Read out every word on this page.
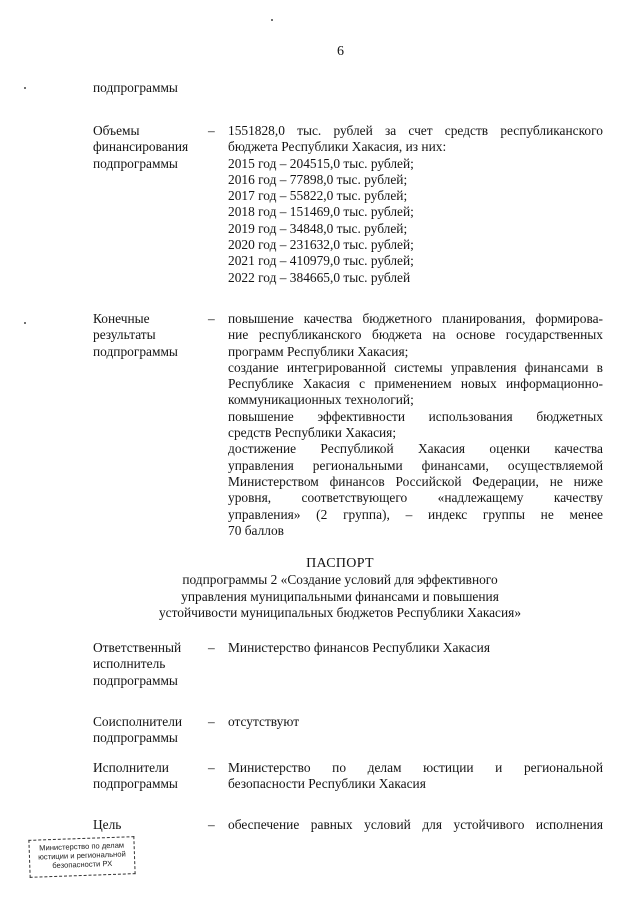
6
подпрограммы
Объемы
финансирования
подпрограммы
– 1551828,0 тыс. рублей за счет средств республиканского
бюджета Республики Хакасия, из них:
2015 год – 204515,0 тыс. рублей;
2016 год – 77898,0 тыс. рублей;
2017 год – 55822,0 тыс. рублей;
2018 год – 151469,0 тыс. рублей;
2019 год – 34848,0 тыс. рублей;
2020 год – 231632,0 тыс. рублей;
2021 год – 410979,0 тыс. рублей;
2022 год – 384665,0 тыс. рублей
Конечные
результаты
подпрограммы
– повышение качества бюджетного планирования, формирова-
ние республиканского бюджета на основе государственных
программ Республики Хакасия;
создание интегрированной системы управления финансами в
Республике Хакасия с применением новых информационно-
коммуникационных технологий;
повышение эффективности использования бюджетных
средств Республики Хакасия;
достижение Республикой Хакасия оценки качества
управления региональными финансами, осуществляемой
Министерством финансов Российской Федерации, не ниже
уровня, соответствующего «надлежащему качеству
управления» (2 группа), – индекс группы не менее
70 баллов
ПАСПОРТ
подпрограммы 2 «Создание условий для эффективного
управления муниципальными финансами и повышения
устойчивости муниципальных бюджетов Республики Хакасия»
Ответственный
исполнитель
подпрограммы
– Министерство финансов Республики Хакасия
Соисполнители
подпрограммы
– отсутствуют
Исполнители
подпрограммы
– Министерство по делам юстиции и региональной
безопасности Республики Хакасия
Цель	– обеспечение равных условий для устойчивого исполнения
Министерство по делам
юстиции и региональной
безопасности РХ
